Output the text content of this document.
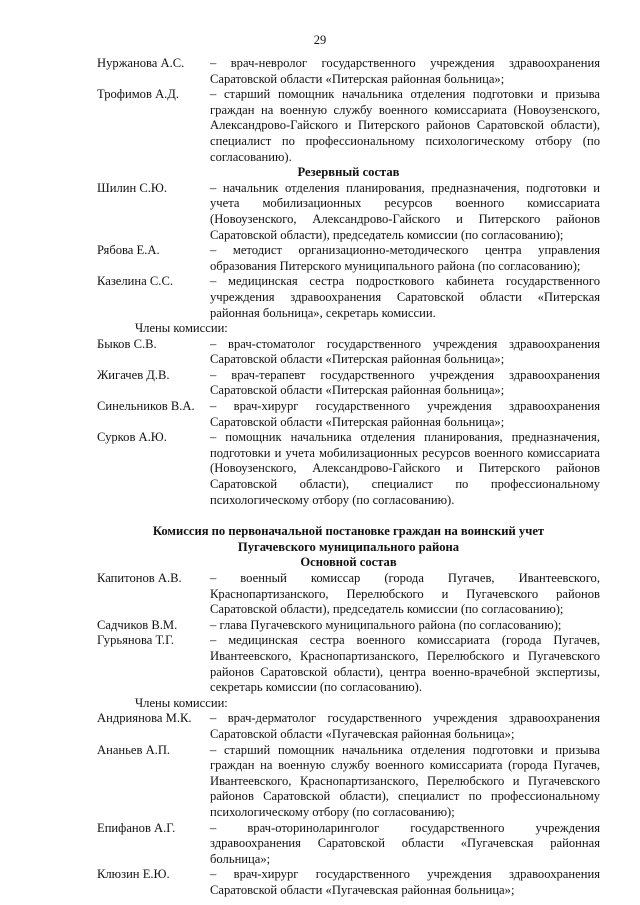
29
Нуржанова А.С.	– врач-невролог государственного учреждения здравоохранения Саратовской области «Питерская районная больница»;
Трофимов А.Д.	– старший помощник начальника отделения подготовки и призыва граждан на военную службу военного комиссариата (Новоузенского, Александрово-Гайского и Питерского районов Саратовской области), специалист по профессиональному психологическому отбору (по согласованию).
Резервный состав
Шилин С.Ю.	– начальник отделения планирования, предназначения, подготовки и учета мобилизационных ресурсов военного комиссариата (Новоузенского, Александрово-Гайского и Питерского районов Саратовской области), председатель комиссии (по согласованию);
Рябова Е.А.	– методист организационно-методического центра управления образования Питерского муниципального района (по согласованию);
Казелина С.С.	– медицинская сестра подросткового кабинета государственного учреждения здравоохранения Саратовской области «Питерская районная больница», секретарь комиссии.
Члены комиссии:
Быков С.В.	– врач-стоматолог государственного учреждения здравоохранения Саратовской области «Питерская районная больница»;
Жигачев Д.В.	– врач-терапевт государственного учреждения здравоохранения Саратовской области «Питерская районная больница»;
Синельников В.А.	– врач-хирург государственного учреждения здравоохранения Саратовской области «Питерская районная больница»;
Сурков А.Ю.	– помощник начальника отделения планирования, предназначения, подготовки и учета мобилизационных ресурсов военного комиссариата (Новоузенского, Александрово-Гайского и Питерского районов Саратовской области), специалист по профессиональному психологическому отбору (по согласованию).
Комиссия по первоначальной постановке граждан на воинский учет
Пугачевского муниципального района
Основной состав
Капитонов А.В.	– военный комиссар (города Пугачев, Ивантеевского, Краснопартизанского, Перелюбского и Пугачевского районов Саратовской области), председатель комиссии (по согласованию);
Садчиков В.М.	– глава Пугачевского муниципального района (по согласованию);
Гурьянова Т.Г.	– медицинская сестра военного комиссариата (города Пугачев, Ивантеевского, Краснопартизанского, Перелюбского и Пугачевского районов Саратовской области), центра военно-врачебной экспертизы, секретарь комиссии (по согласованию).
Члены комиссии:
Андриянова М.К.	– врач-дерматолог государственного учреждения здравоохранения Саратовской области «Пугачевская районная больница»;
Ананьев А.П.	– старший помощник начальника отделения подготовки и призыва граждан на военную службу военного комиссариата (города Пугачев, Ивантеевского, Краснопартизанского, Перелюбского и Пугачевского районов Саратовской области), специалист по профессиональному психологическому отбору (по согласованию);
Епифанов А.Г.	– врач-оториноларинголог государственного учреждения здравоохранения Саратовской области «Пугачевская районная больница»;
Клюзин Е.Ю.	– врач-хирург государственного учреждения здравоохранения Саратовской области «Пугачевская районная больница»;
